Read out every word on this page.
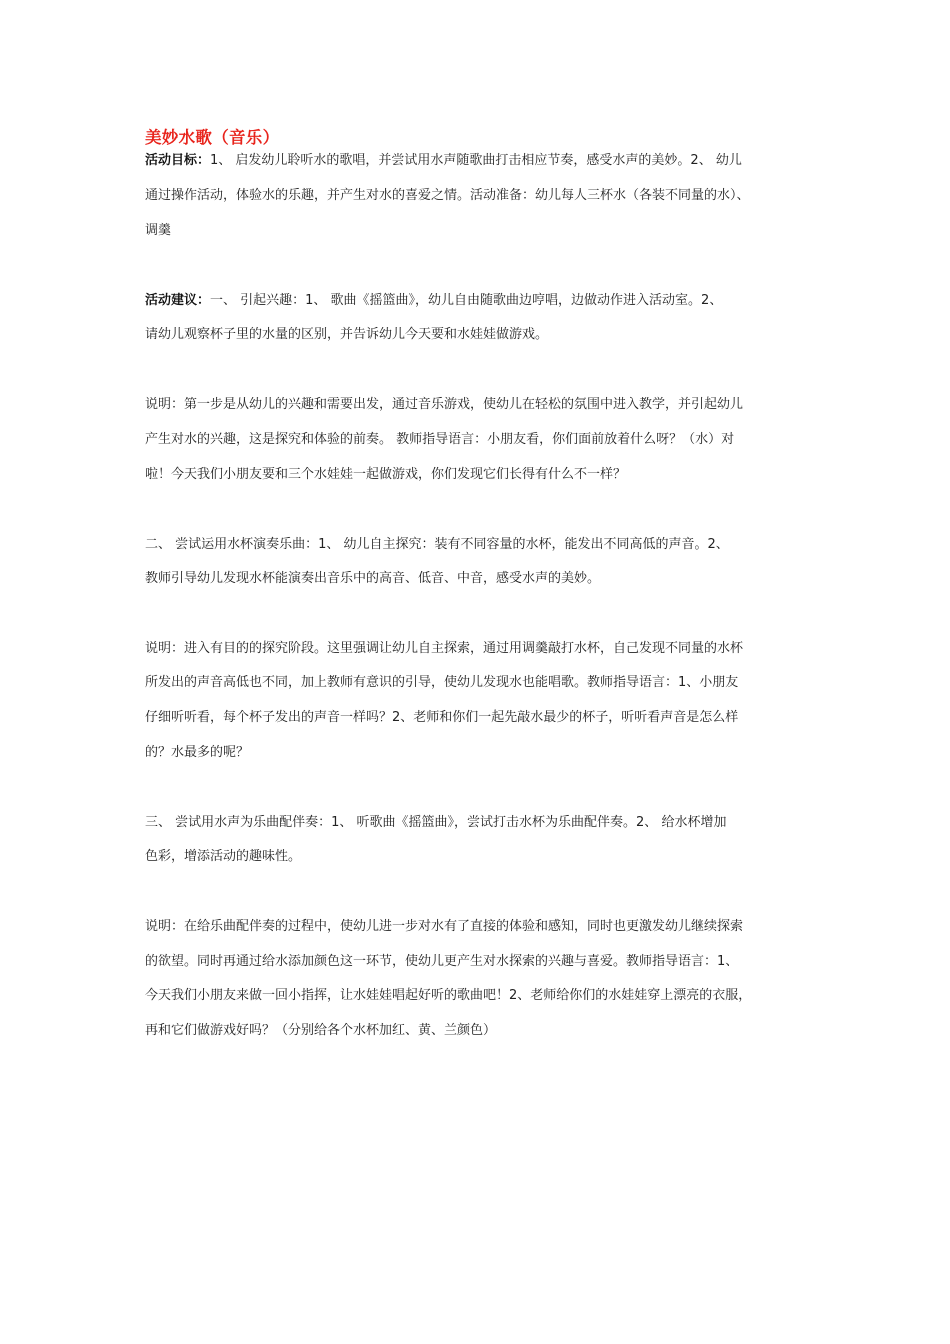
美妙水歌（音乐）
活动目标：1、 启发幼儿聆听水的歌唱，并尝试用水声随歌曲打击相应节奏，感受水声的美妙。2、 幼儿
通过操作活动，体验水的乐趣，并产生对水的喜爱之情。活动准备：幼儿每人三杯水（各装不同量的水）、
调羹
活动建议：一、 引起兴趣：1、 歌曲《摇篮曲》，幼儿自由随歌曲边哼唱，边做动作进入活动室。2、
请幼儿观察杯子里的水量的区别，并告诉幼儿今天要和水娃娃做游戏。
说明：第一步是从幼儿的兴趣和需要出发，通过音乐游戏，使幼儿在轻松的氛围中进入教学，并引起幼儿
产生对水的兴趣，这是探究和体验的前奏。 教师指导语言：小朋友看，你们面前放着什么呀？（水）对
啦！今天我们小朋友要和三个水娃娃一起做游戏，你们发现它们长得有什么不一样？
二、 尝试运用水杯演奏乐曲：1、 幼儿自主探究：装有不同容量的水杯，能发出不同高低的声音。2、
教师引导幼儿发现水杯能演奏出音乐中的高音、低音、中音，感受水声的美妙。
说明：进入有目的的探究阶段。这里强调让幼儿自主探索，通过用调羹敲打水杯，自己发现不同量的水杯
所发出的声音高低也不同，加上教师有意识的引导，使幼儿发现水也能唱歌。教师指导语言：1、小朋友
仔细听听看，每个杯子发出的声音一样吗？2、老师和你们一起先敲水最少的杯子，听听看声音是怎么样
的？水最多的呢？
三、 尝试用水声为乐曲配伴奏：1、 听歌曲《摇篮曲》，尝试打击水杯为乐曲配伴奏。2、 给水杯增加
色彩，增添活动的趣味性。
说明：在给乐曲配伴奏的过程中，使幼儿进一步对水有了直接的体验和感知，同时也更激发幼儿继续探索
的欲望。同时再通过给水添加颜色这一环节，使幼儿更产生对水探索的兴趣与喜爱。教师指导语言：1、
今天我们小朋友来做一回小指挥，让水娃娃唱起好听的歌曲吧！2、老师给你们的水娃娃穿上漂亮的衣服，
再和它们做游戏好吗？（分别给各个水杯加红、黄、兰颜色）
